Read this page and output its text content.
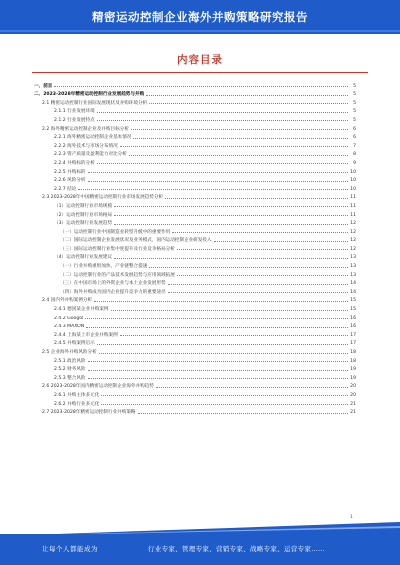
精密运动控制企业海外并购策略研究报告
内容目录
一、前言	5
二、2023-2028年精密运动控制行业发展趋势与并购	5
2.1 精密运动控制行业国际发展现状及并购环境分析	5
2.1.1 行业发展环境	5
2.1.2 行业发展特点	5
2.2 海外精密运动控制企业及并购目标分析	6
2.2.1 海外精密运动控制企业基本情况	6
2.2.2 海外技术与市场分布情况	7
2.2.3 资产质量及盈利能力对比分析	8
2.2.4 并购标的分析	9
2.2.5 并购标的	10
2.2.6 风险分析	10
2.2.7 结论	10
2.3 2023-2028年中国精密运动控制行业市场发展趋势分析	11
（1）运动控制行业市场规模	11
（2）运动控制行业市场格局	11
（3）运动控制行业发展趋势	12
（一）运动控制行业中国制造业转型升级中的重要作用	12
（二）国际运动控制企业发展状况及业务模式，国内运动控制企业研发投入	12
（三）国际运动控制行业集中度提升及行业竞争格局分析	12
（4）运动控制行业发展建议	13
（一）行业并购重组加快，产业链整合提速	13
（二）运动控制行业的产品技术发展趋势与应用领域拓展	13
（三）在中国市场上的外资企业与本土企业发展形势	14
（四）海外并购成为国内企业提升竞争力的重要途径	14
2.4 国内外并购案例分析	15
2.4.1 德国某企业并购案例	15
2.4.2 Googol	16
2.4.3 MAXON	16
2.4.4 上海某上市企业并购案例	17
2.4.5 并购案例启示	17
2.5 企业海外并购风险分析	18
2.5.1 政治风险	18
2.5.2 财务风险	19
2.5.3 整合风险	19
2.6 2023-2028年国内精密运动控制企业海外并购趋势	20
2.6.1 并购主体多元化	20
2.6.2 并购行业多元化	21
2.7 2023-2028年精密运动控制行业并购策略	21
1
让每个人都能成为	行业专家、管理专家、营销专家、战略专家、运营专家……
